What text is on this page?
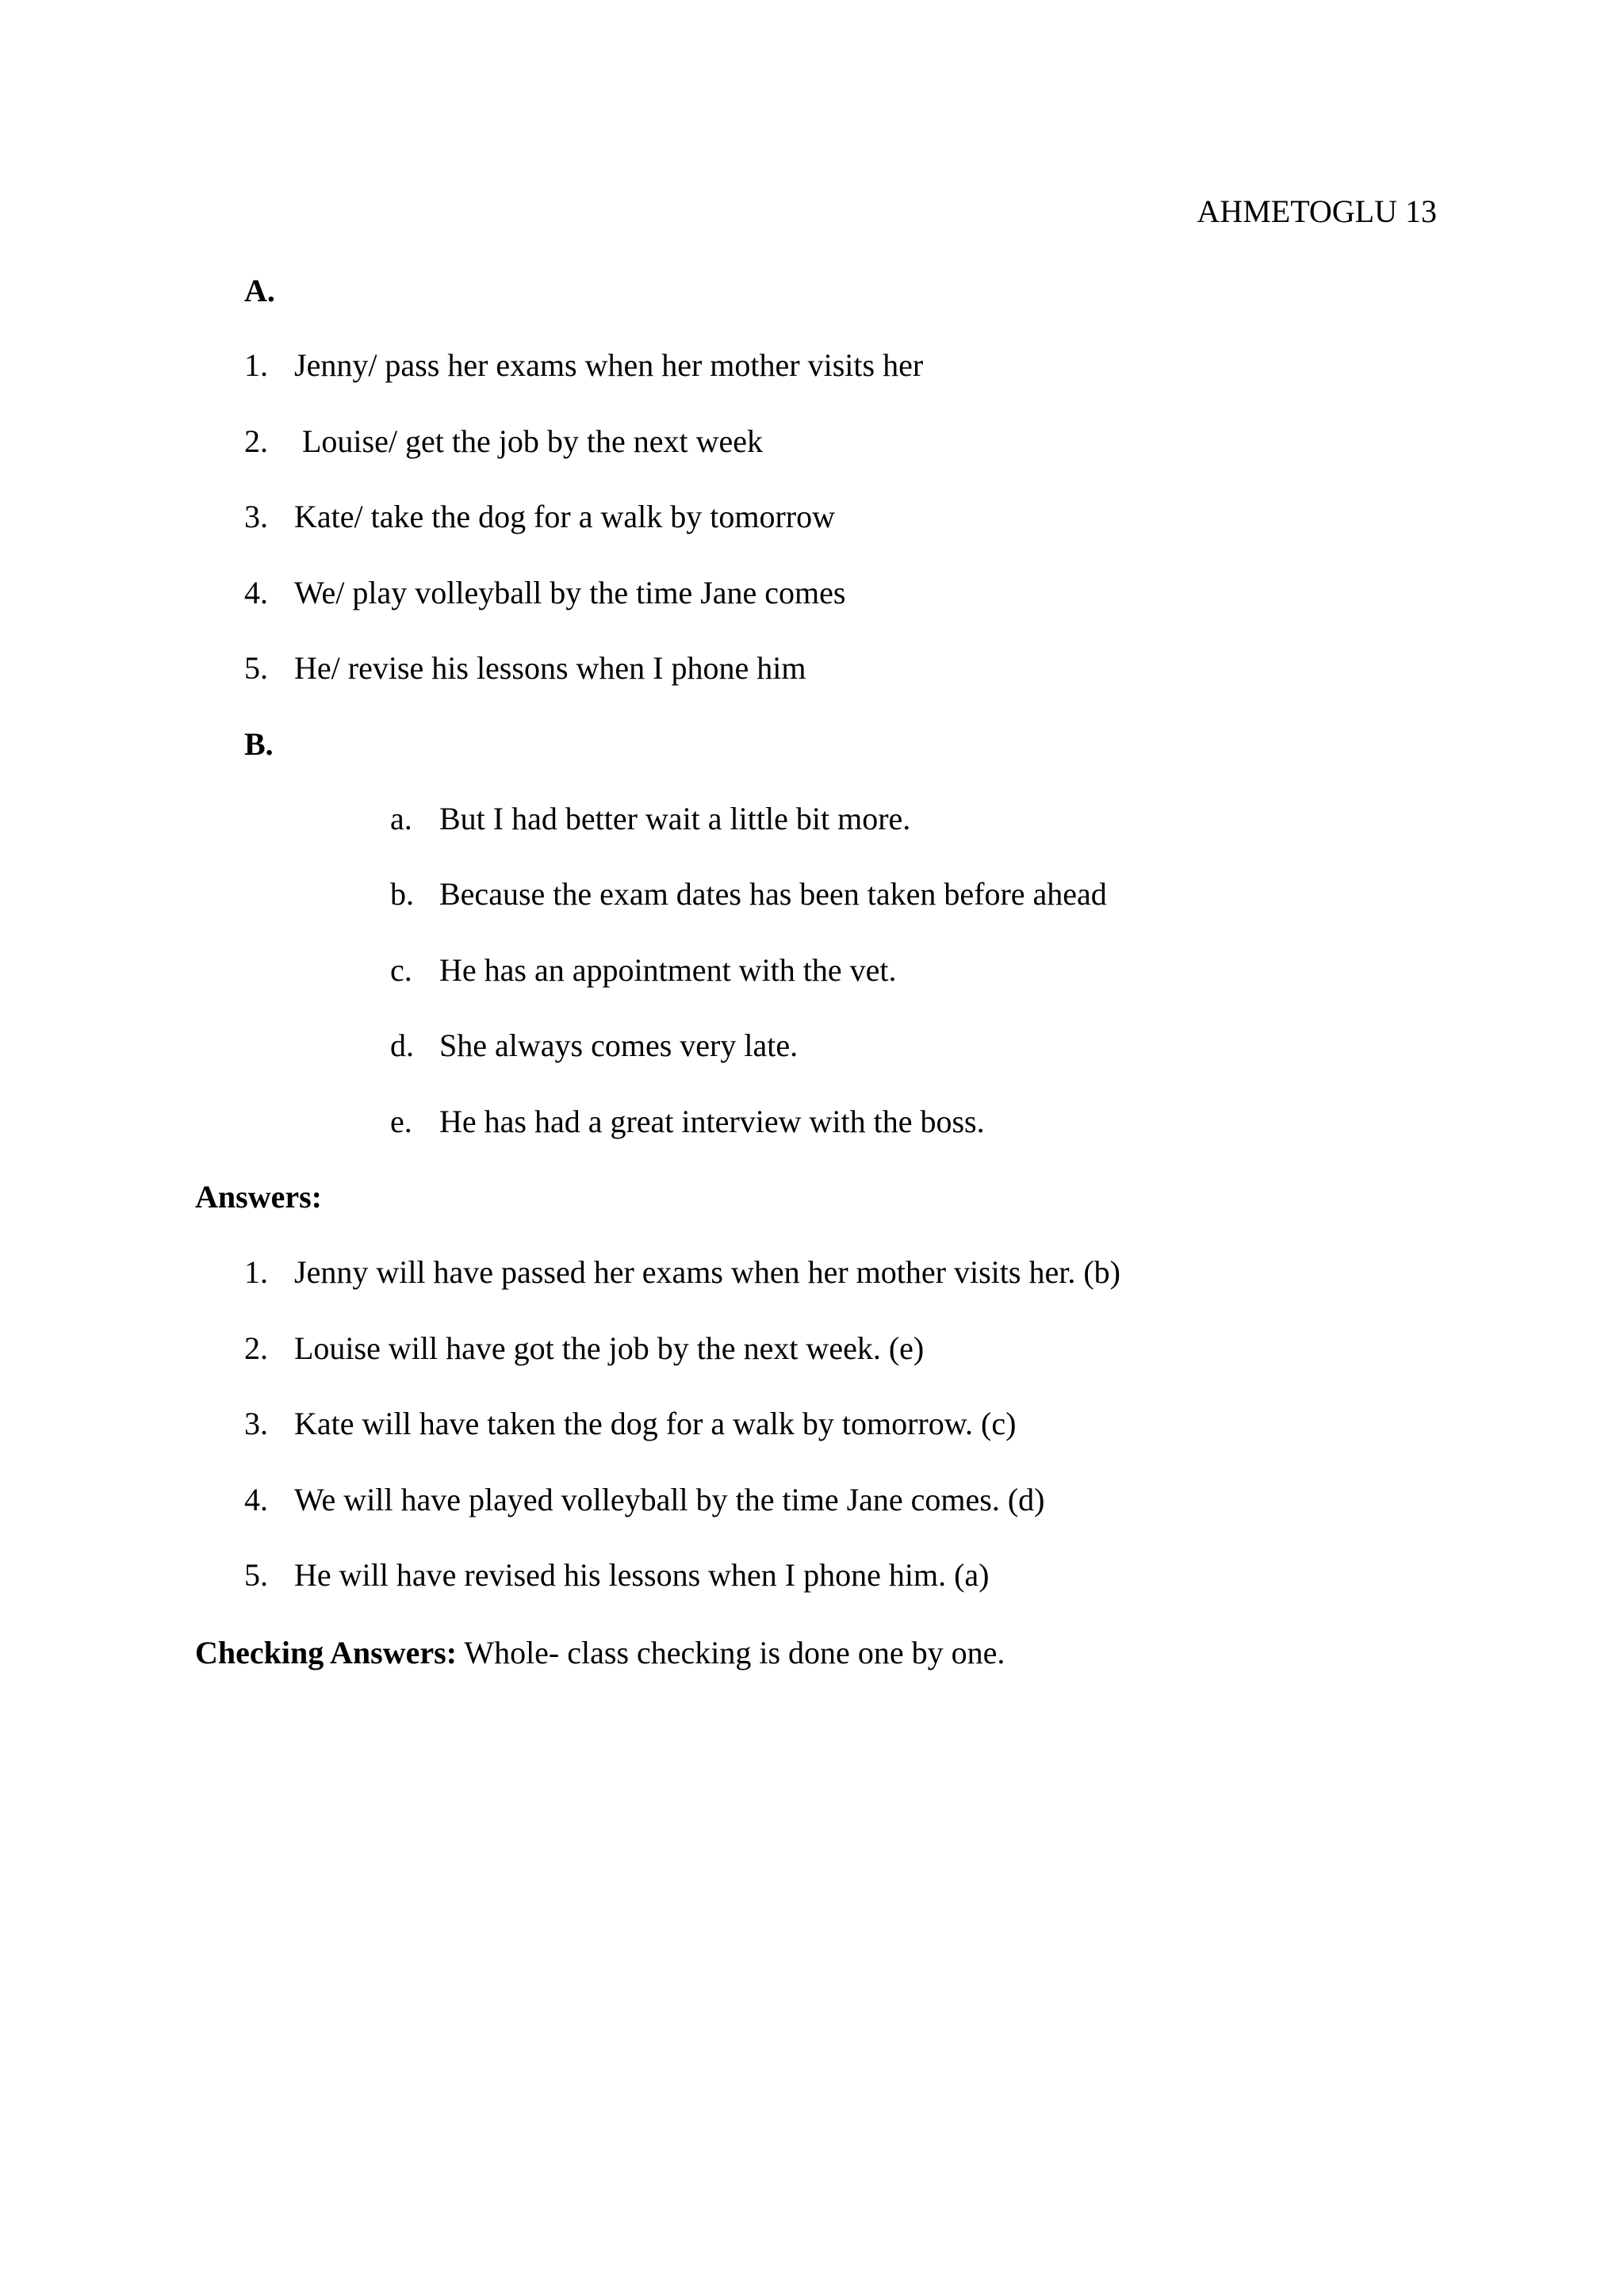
AHMETOGLU 13
A.
1. Jenny/ pass her exams when her mother visits her
2. Louise/ get the job by the next week
3. Kate/ take the dog for a walk by tomorrow
4. We/ play volleyball by the time Jane comes
5. He/ revise his lessons when I phone him
B.
a. But I had better wait a little bit more.
b. Because the exam dates has been taken before ahead
c. He has an appointment with the vet.
d. She always comes very late.
e. He has had a great interview with the boss.
Answers:
1. Jenny will have passed her exams when her mother visits her. (b)
2. Louise will have got the job by the next week. (e)
3. Kate will have taken the dog for a walk by tomorrow. (c)
4. We will have played volleyball by the time Jane comes. (d)
5. He will have revised his lessons when I phone him. (a)
Checking Answers: Whole- class checking is done one by one.
